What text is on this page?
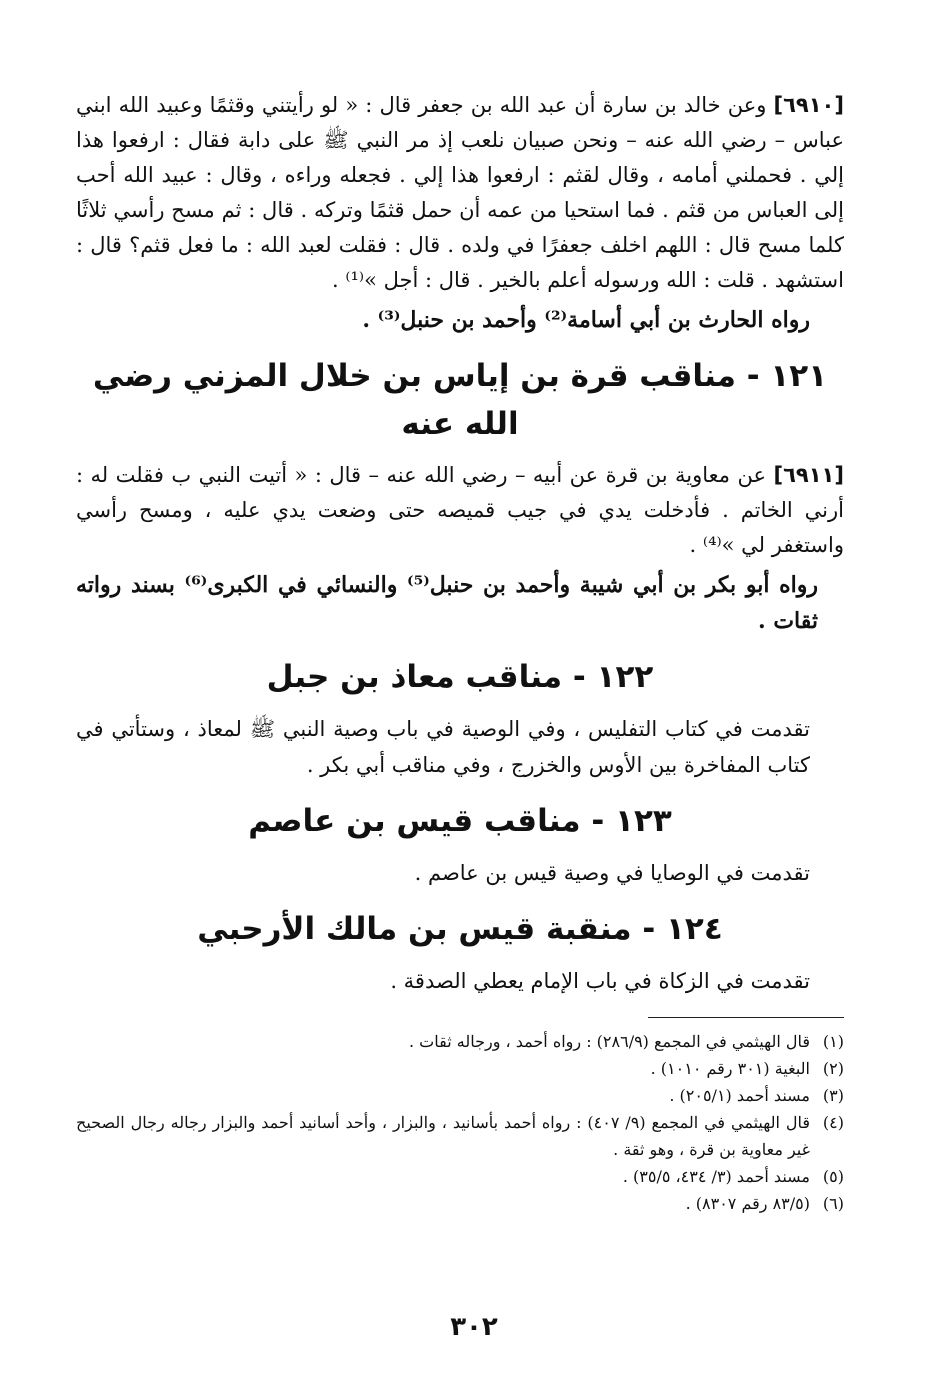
[٦٩١٠] وعن خالد بن سارة أن عبد الله بن جعفر قال : « لو رأيتني وقثمًا وعبيد الله ابني عباس – رضي الله عنه – ونحن صبيان نلعب إذ مر النبي ﷺ على دابة فقال : ارفعوا هذا إلي . فحملني أمامه ، وقال لقثم : ارفعوا هذا إلي . فجعله وراءه ، وقال : عبيد الله أحب إلى العباس من قثم . فما استحيا من عمه أن حمل قثمًا وتركه . قال : ثم مسح رأسي ثلاثًا كلما مسح قال : اللهم اخلف جعفرًا في ولده . قال : فقلت لعبد الله : ما فعل قثم؟ قال : استشهد . قلت : الله ورسوله أعلم بالخير . قال : أجل »⁽¹⁾ .

رواه الحارث بن أبي أسامة⁽²⁾ وأحمد بن حنبل⁽³⁾ .

١٢١ - مناقب قرة بن إياس بن خلال المزني رضي الله عنه

[٦٩١١] عن معاوية بن قرة عن أبيه – رضي الله عنه – قال : « أتيت النبي ب فقلت له : أرني الخاتم . فأدخلت يدي في جيب قميصه حتى وضعت يدي عليه ، ومسح رأسي واستغفر لي »⁽⁴⁾ .

رواه أبو بكر بن أبي شيبة وأحمد بن حنبل⁽⁵⁾ والنسائي في الكبرى⁽⁶⁾ بسند رواته ثقات .

١٢٢ - مناقب معاذ بن جبل

تقدمت في كتاب التفليس ، وفي الوصية في باب وصية النبي ﷺ لمعاذ ، وستأتي في كتاب المفاخرة بين الأوس والخزرج ، وفي مناقب أبي بكر .

١٢٣ - مناقب قيس بن عاصم

تقدمت في الوصايا في وصية قيس بن عاصم .

١٢٤ - منقبة قيس بن مالك الأرحبي

تقدمت في الزكاة في باب الإمام يعطي الصدقة .

(١)
قال الهيثمي في المجمع (٢٨٦/٩) : رواه أحمد ، ورجاله ثقات .
(٢)
البغية (٣٠١ رقم ١٠١٠) .
(٣)
مسند أحمد (٢٠٥/١) .
(٤)
قال الهيثمي في المجمع (٩/ ٤٠٧) : رواه أحمد بأسانيد ، والبزار ، وأحد أسانيد أحمد والبزار رجاله رجال الصحيح غير معاوية بن قرة ، وهو ثقة .
(٥)
مسند أحمد (٣/ ٤٣٤، ٣٥/٥) .
(٦)
(٨٣/٥ رقم ٨٣٠٧) .
٣٠٢
